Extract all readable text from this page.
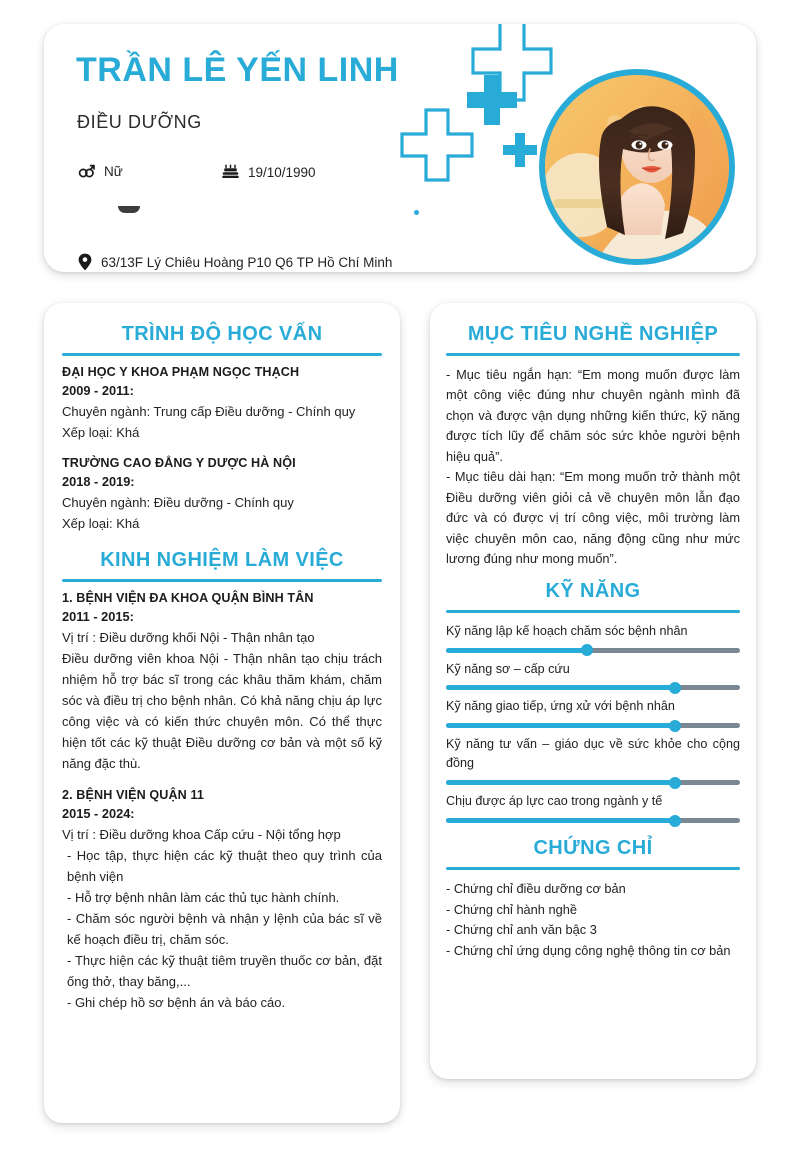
TRẦN LÊ YẾN LINH
ĐIỀU DƯỠNG
Nữ	19/10/1990
63/13F Lý Chiêu Hoàng P10 Q6 TP Hồ Chí Minh
TRÌNH ĐỘ HỌC VẤN
ĐẠI HỌC Y KHOA PHẠM NGỌC THẠCH
2009 - 2011:
Chuyên ngành: Trung cấp Điều dưỡng - Chính quy
Xếp loại: Khá
TRƯỜNG CAO ĐẲNG Y DƯỢC HÀ NỘI
2018 - 2019:
Chuyên ngành: Điều dưỡng - Chính quy
Xếp loại: Khá
KINH NGHIỆM LÀM VIỆC
1. BỆNH VIỆN ĐA KHOA QUẬN BÌNH TÂN
2011 - 2015:
Vị trí : Điều dưỡng khối Nội - Thận nhân tạo
Điều dưỡng viên khoa Nội - Thận nhân tạo chịu trách nhiệm hỗ trợ bác sĩ trong các khâu thăm khám, chăm sóc và điều trị cho bệnh nhân. Có khả năng chịu áp lực công việc và có kiến thức chuyên môn. Có thể thực hiện tốt các kỹ thuật Điều dưỡng cơ bản và một số kỹ năng đặc thù.
2. BỆNH VIỆN QUẬN 11
2015 - 2024:
Vị trí : Điều dưỡng khoa Cấp cứu - Nội tổng hợp
- Học tập, thực hiện các kỹ thuật theo quy trình của bệnh viện
- Hỗ trợ bệnh nhân làm các thủ tục hành chính.
- Chăm sóc người bệnh và nhận y lệnh của bác sĩ về kế hoạch điều trị, chăm sóc.
- Thực hiện các kỹ thuật tiêm truyền thuốc cơ bản, đặt ống thở, thay băng,...
- Ghi chép hồ sơ bệnh án và báo cáo.
MỤC TIÊU NGHỀ NGHIỆP
- Mục tiêu ngắn hạn: “Em mong muốn được làm một công việc đúng như chuyên ngành mình đã chọn và được vận dụng những kiến thức, kỹ năng được tích lũy để chăm sóc sức khỏe người bệnh hiệu quả”.
- Mục tiêu dài hạn: “Em mong muốn trở thành một Điều dưỡng viên giỏi cả về chuyên môn lẫn đạo đức và có được vị trí công việc, môi trường làm việc chuyên môn cao, năng động cũng như mức lương đúng như mong muốn”.
KỸ NĂNG
Kỹ năng lập kế hoạch chăm sóc bệnh nhân
Kỹ năng sơ – cấp cứu
Kỹ năng giao tiếp, ứng xử với bệnh nhân
Kỹ năng tư vấn – giáo dục về sức khỏe cho cộng đồng
Chịu được áp lực cao trong ngành y tế
CHỨNG CHỈ
- Chứng chỉ điều dưỡng cơ bản
- Chứng chỉ hành nghề
- Chứng chỉ anh văn bậc 3
- Chứng chỉ ứng dụng công nghệ thông tin cơ bản
